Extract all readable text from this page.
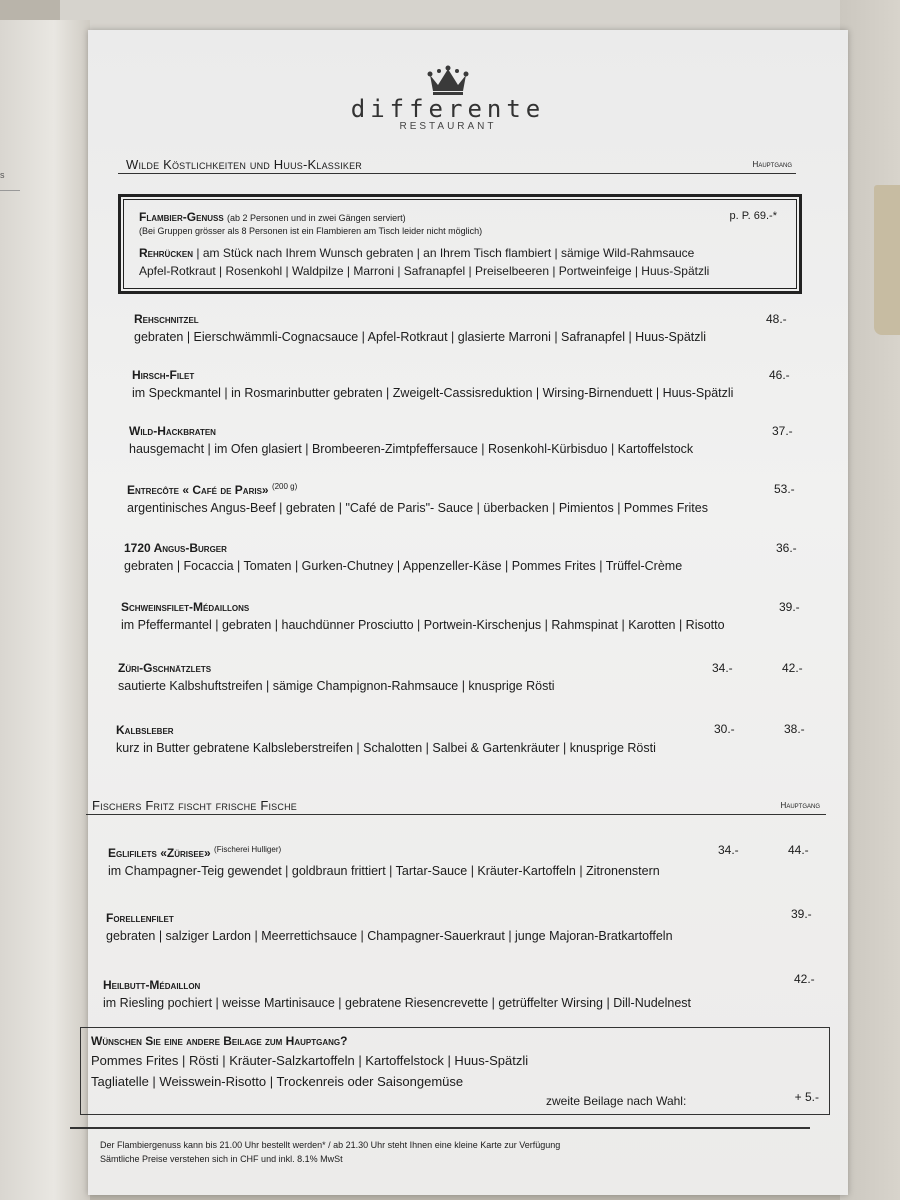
s
differente
RESTAURANT
Wilde Köstlichkeiten und Huus-Klassiker	Hauptgang
Flambier-Genuss (ab 2 Personen und in zwei Gängen serviert)
(Bei Gruppen grösser als 8 Personen ist ein Flambieren am Tisch leider nicht möglich)
p. P. 69.-*
Rehrücken | am Stück nach Ihrem Wunsch gebraten | an Ihrem Tisch flambiert | sämige Wild-Rahmsauce
Apfel-Rotkraut | Rosenkohl | Waldpilze | Marroni | Safranapfel | Preiselbeeren | Portweinfeige | Huus-Spätzli
Rehschnitzel
gebraten | Eierschwämmli-Cognacsauce | Apfel-Rotkraut | glasierte Marroni | Safranapfel | Huus-Spätzli
48.-
Hirsch-Filet
im Speckmantel | in Rosmarinbutter gebraten | Zweigelt-Cassisreduktion | Wirsing-Birnenduett | Huus-Spätzli
46.-
Wild-Hackbraten
hausgemacht | im Ofen glasiert | Brombeeren-Zimtpfeffersauce | Rosenkohl-Kürbisduo | Kartoffelstock
37.-
Entrecôte « Café de Paris» $^{(200 g)}$
argentinisches Angus-Beef | gebraten | "Café de Paris"- Sauce | überbacken | Pimientos | Pommes Frites
53.-
1720 Angus-Burger
gebraten | Focaccia | Tomaten | Gurken-Chutney | Appenzeller-Käse | Pommes Frites | Trüffel-Crème
36.-
Schweinsfilet-Médaillons
im Pfeffermantel | gebraten | hauchdünner Prosciutto | Portwein-Kirschenjus | Rahmspinat | Karotten | Risotto
39.-
Züri-Gschnätzlets
sautierte Kalbshuftstreifen | sämige Champignon-Rahmsauce | knusprige Rösti
34.-	42.-
Kalbsleber
kurz in Butter gebratene Kalbsleberstreifen | Schalotten | Salbei & Gartenkräuter | knusprige Rösti
30.-	38.-
Fischers Fritz fischt frische Fische	Hauptgang
Eglifilets «Zürisee» $^{(Fischerei Hulliger)}$
im Champagner-Teig gewendet | goldbraun frittiert | Tartar-Sauce | Kräuter-Kartoffeln | Zitronenstern
34.-	44.-
Forellenfilet
gebraten | salziger Lardon | Meerrettichsauce | Champagner-Sauerkraut | junge Majoran-Bratkartoffeln
39.-
Heilbutt-Médaillon
im Riesling pochiert | weisse Martinisauce | gebratene Riesencrevette | getrüffelter Wirsing | Dill-Nudelnest
42.-
Wünschen Sie eine andere Beilage zum Hauptgang?
Pommes Frites | Rösti | Kräuter-Salzkartoffeln | Kartoffelstock | Huus-Spätzli
Tagliatelle | Weisswein-Risotto | Trockenreis oder Saisongemüse
zweite Beilage nach Wahl:	+ 5.-
Der Flambiergenuss kann bis 21.00 Uhr bestellt werden* / ab 21.30 Uhr steht Ihnen eine kleine Karte zur Verfügung
Sämtliche Preise verstehen sich in CHF und inkl. 8.1% MwSt
